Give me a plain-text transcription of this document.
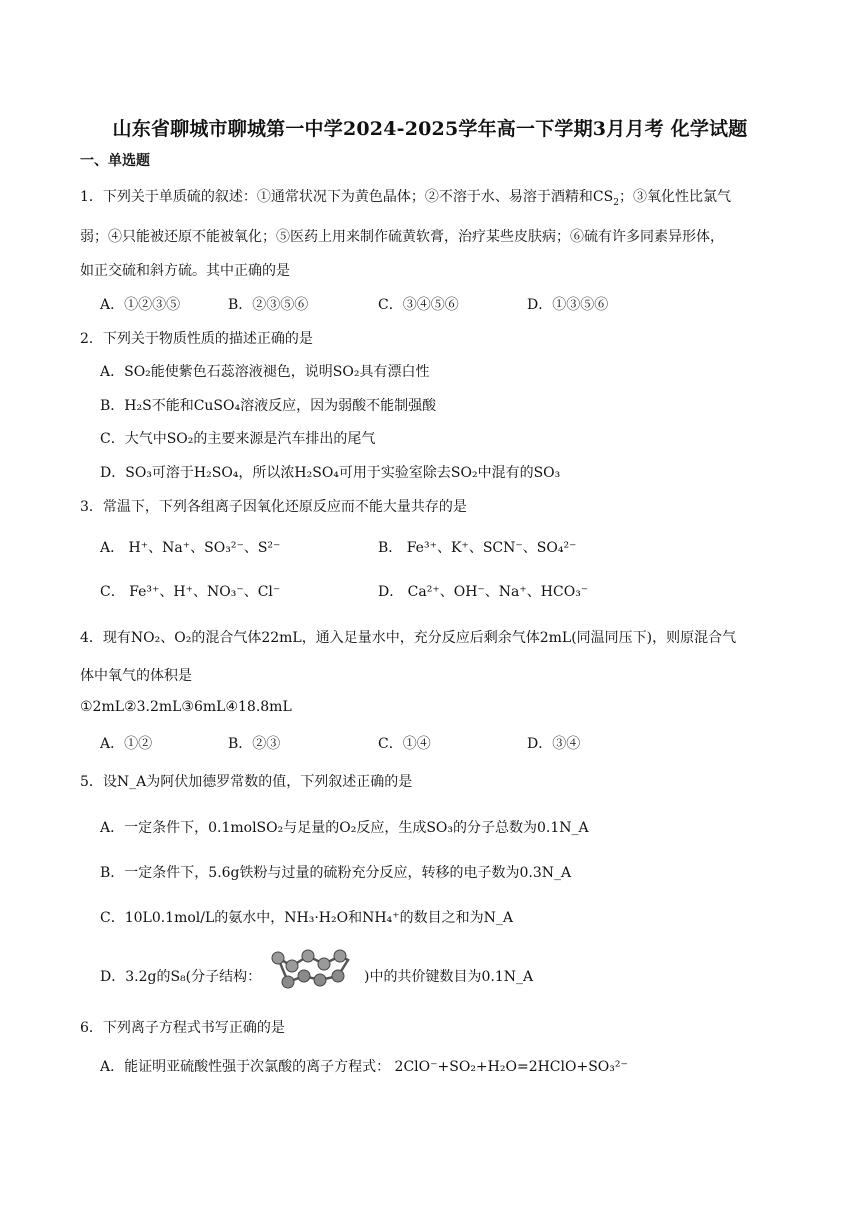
山东省聊城市聊城第一中学2024-2025学年高一下学期3月月考 化学试题
一、单选题
1．下列关于单质硫的叙述：①通常状况下为黄色晶体；②不溶于水、易溶于酒精和$CS_2$；③氧化性比氯气
弱；④只能被还原不能被氧化；⑤医药上用来制作硫黄软膏，治疗某些皮肤病；⑥硫有许多同素异形体，
如正交硫和斜方硫。其中正确的是
A．①②③⑤	B．②③⑤⑥	C．③④⑤⑥	D．①③⑤⑥
2．下列关于物质性质的描述正确的是
A．SO₂能使紫色石蕊溶液褪色，说明SO₂具有漂白性
B．H₂S不能和CuSO₄溶液反应，因为弱酸不能制强酸
C．大气中SO₂的主要来源是汽车排出的尾气
D．SO₃可溶于H₂SO₄，所以浓H₂SO₄可用于实验室除去SO₂中混有的SO₃
3．常温下，下列各组离子因氧化还原反应而不能大量共存的是
A． H⁺、Na⁺、SO₃²⁻、S²⁻	B． Fe³⁺、K⁺、SCN⁻、SO₄²⁻
C． Fe³⁺、H⁺、NO₃⁻、Cl⁻	D． Ca²⁺、OH⁻、Na⁺、HCO₃⁻
4．现有NO₂、O₂的混合气体22mL，通入足量水中，充分反应后剩余气体2mL(同温同压下)，则原混合气
体中氧气的体积是
①2mL②3.2mL③6mL④18.8mL
A．①②	B．②③	C．①④	D．③④
5．设N_A为阿伏加德罗常数的值，下列叙述正确的是
A．一定条件下，0.1molSO₂与足量的O₂反应，生成SO₃的分子总数为0.1N_A
B．一定条件下，5.6g铁粉与过量的硫粉充分反应，转移的电子数为0.3N_A
C．10L0.1mol/L的氨水中，NH₃·H₂O和NH₄⁺的数目之和为N_A
D．3.2g的S₈(分子结构：	)中的共价键数目为0.1N_A
6．下列离子方程式书写正确的是
A．能证明亚硫酸性强于次氯酸的离子方程式： 2ClO⁻+SO₂+H₂O=2HClO+SO₃²⁻
